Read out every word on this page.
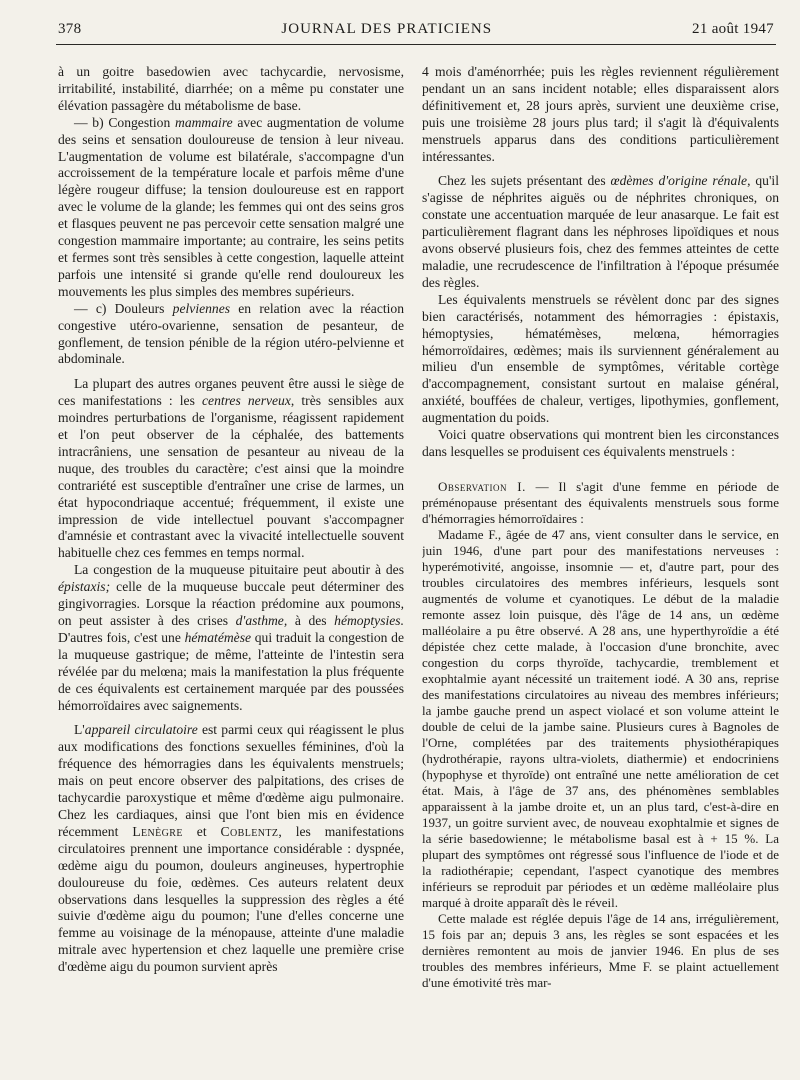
378	JOURNAL DES PRATICIENS	21 août 1947

à un goitre basedowien avec tachycardie, nervosisme, irritabilité, instabilité, diarrhée; on a même pu constater une élévation passagère du métabolisme de base.

— b) Congestion mammaire avec augmentation de volume des seins et sensation douloureuse de tension à leur niveau. L'augmentation de volume est bilatérale, s'accompagne d'un accroissement de la température locale et parfois même d'une légère rougeur diffuse; la tension douloureuse est en rapport avec le volume de la glande; les femmes qui ont des seins gros et flasques peuvent ne pas percevoir cette sensation malgré une congestion mammaire importante; au contraire, les seins petits et fermes sont très sensibles à cette congestion, laquelle atteint parfois une intensité si grande qu'elle rend douloureux les mouvements les plus simples des membres supérieurs.

— c) Douleurs pelviennes en relation avec la réaction congestive utéro-ovarienne, sensation de pesanteur, de gonflement, de tension pénible de la région utéro-pelvienne et abdominale.

La plupart des autres organes peuvent être aussi le siège de ces manifestations : les centres nerveux, très sensibles aux moindres perturbations de l'organisme, réagissent rapidement et l'on peut observer de la céphalée, des battements intracrâniens, une sensation de pesanteur au niveau de la nuque, des troubles du caractère; c'est ainsi que la moindre contrariété est susceptible d'entraîner une crise de larmes, un état hypocondriaque accentué; fréquemment, il existe une impression de vide intellectuel pouvant s'accompagner d'amnésie et contrastant avec la vivacité intellectuelle souvent habituelle chez ces femmes en temps normal.

La congestion de la muqueuse pituitaire peut aboutir à des épistaxis; celle de la muqueuse buccale peut déterminer des gingivorragies. Lorsque la réaction prédomine aux poumons, on peut assister à des crises d'asthme, à des hémoptysies. D'autres fois, c'est une hématémèse qui traduit la congestion de la muqueuse gastrique; de même, l'atteinte de l'intestin sera révélée par du melœna; mais la manifestation la plus fréquente de ces équivalents est certainement marquée par des poussées hémorroïdaires avec saignements.

L'appareil circulatoire est parmi ceux qui réagissent le plus aux modifications des fonctions sexuelles féminines, d'où la fréquence des hémorragies dans les équivalents menstruels; mais on peut encore observer des palpitations, des crises de tachycardie paroxystique et même d'œdème aigu pulmonaire. Chez les cardiaques, ainsi que l'ont bien mis en évidence récemment Lenègre et Coblentz, les manifestations circulatoires prennent une importance considérable : dyspnée, œdème aigu du poumon, douleurs angineuses, hypertrophie douloureuse du foie, œdèmes. Ces auteurs relatent deux observations dans lesquelles la suppression des règles a été suivie d'œdème aigu du poumon; l'une d'elles concerne une femme au voisinage de la ménopause, atteinte d'une maladie mitrale avec hypertension et chez laquelle une première crise d'œdème aigu du poumon survient après

4 mois d'aménorrhée; puis les règles reviennent régulièrement pendant un an sans incident notable; elles disparaissent alors définitivement et, 28 jours après, survient une deuxième crise, puis une troisième 28 jours plus tard; il s'agit là d'équivalents menstruels apparus dans des conditions particulièrement intéressantes.

Chez les sujets présentant des œdèmes d'origine rénale, qu'il s'agisse de néphrites aiguës ou de néphrites chroniques, on constate une accentuation marquée de leur anasarque. Le fait est particulièrement flagrant dans les néphroses lipoïdiques et nous avons observé plusieurs fois, chez des femmes atteintes de cette maladie, une recrudescence de l'infiltration à l'époque présumée des règles.

Les équivalents menstruels se révèlent donc par des signes bien caractérisés, notamment des hémorragies : épistaxis, hémoptysies, hématémèses, melœna, hémorragies hémorroïdaires, œdèmes; mais ils surviennent généralement au milieu d'un ensemble de symptômes, véritable cortège d'accompagnement, consistant surtout en malaise général, anxiété, bouffées de chaleur, vertiges, lipothymies, gonflement, augmentation du poids.

Voici quatre observations qui montrent bien les circonstances dans lesquelles se produisent ces équivalents menstruels :

Observation I. — Il s'agit d'une femme en période de préménopause présentant des équivalents menstruels sous forme d'hémorragies hémorroïdaires :

Madame F., âgée de 47 ans, vient consulter dans le service, en juin 1946, d'une part pour des manifestations nerveuses : hyperémotivité, angoisse, insomnie — et, d'autre part, pour des troubles circulatoires des membres inférieurs, lesquels sont augmentés de volume et cyanotiques. Le début de la maladie remonte assez loin puisque, dès l'âge de 14 ans, un œdème malléolaire a pu être observé. A 28 ans, une hyperthyroïdie a été dépistée chez cette malade, à l'occasion d'une bronchite, avec congestion du corps thyroïde, tachycardie, tremblement et exophtalmie ayant nécessité un traitement iodé. A 30 ans, reprise des manifestations circulatoires au niveau des membres inférieurs; la jambe gauche prend un aspect violacé et son volume atteint le double de celui de la jambe saine. Plusieurs cures à Bagnoles de l'Orne, complétées par des traitements physiothérapiques (hydrothérapie, rayons ultra-violets, diathermie) et endocriniens (hypophyse et thyroïde) ont entraîné une nette amélioration de cet état. Mais, à l'âge de 37 ans, des phénomènes semblables apparaissent à la jambe droite et, un an plus tard, c'est-à-dire en 1937, un goitre survient avec, de nouveau exophtalmie et signes de la série basedowienne; le métabolisme basal est à + 15 %. La plupart des symptômes ont régressé sous l'influence de l'iode et de la radiothérapie; cependant, l'aspect cyanotique des membres inférieurs se reproduit par périodes et un œdème malléolaire plus marqué à droite apparaît dès le réveil.

Cette malade est réglée depuis l'âge de 14 ans, irrégulièrement, 15 fois par an; depuis 3 ans, les règles se sont espacées et les dernières remontent au mois de janvier 1946. En plus de ses troubles des membres inférieurs, Mme F. se plaint actuellement d'une émotivité très mar-
